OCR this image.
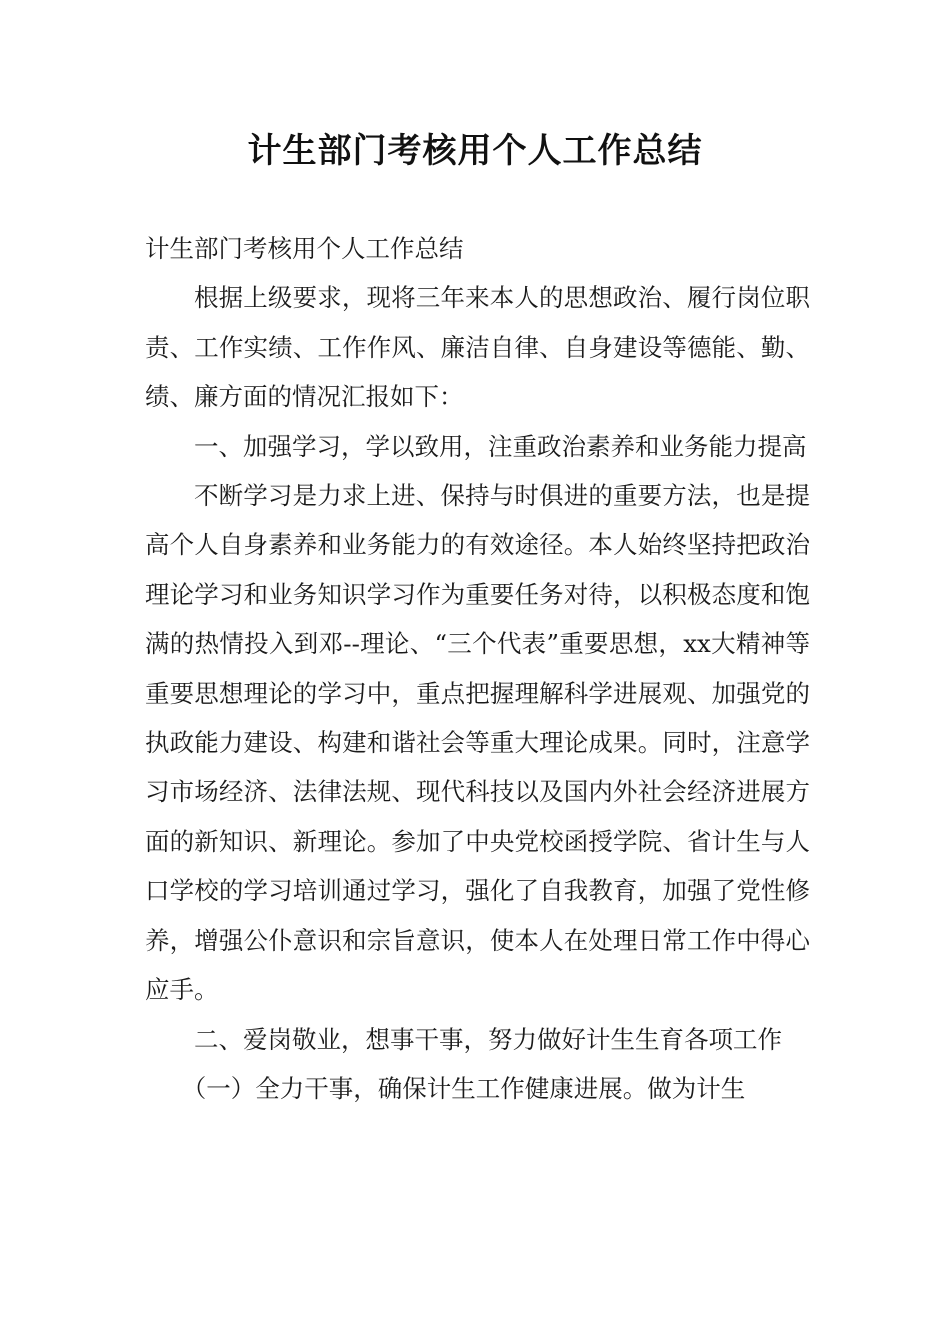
计生部门考核用个人工作总结

计生部门考核用个人工作总结

根据上级要求，现将三年来本人的思想政治、履行岗位职责、工作实绩、工作作风、廉洁自律、自身建设等德能、勤、绩、廉方面的情况汇报如下：

一、加强学习，学以致用，注重政治素养和业务能力提高

不断学习是力求上进、保持与时俱进的重要方法，也是提高个人自身素养和业务能力的有效途径。本人始终坚持把政治理论学习和业务知识学习作为重要任务对待，以积极态度和饱满的热情投入到邓--理论、“三个代表”重要思想，xx大精神等重要思想理论的学习中，重点把握理解科学进展观、加强党的执政能力建设、构建和谐社会等重大理论成果。同时，注意学习市场经济、法律法规、现代科技以及国内外社会经济进展方面的新知识、新理论。参加了中央党校函授学院、省计生与人口学校的学习培训通过学习，强化了自我教育，加强了党性修养，增强公仆意识和宗旨意识，使本人在处理日常工作中得心应手。

二、爱岗敬业，想事干事，努力做好计生生育各项工作

（一）全力干事，确保计生工作健康进展。做为计生
